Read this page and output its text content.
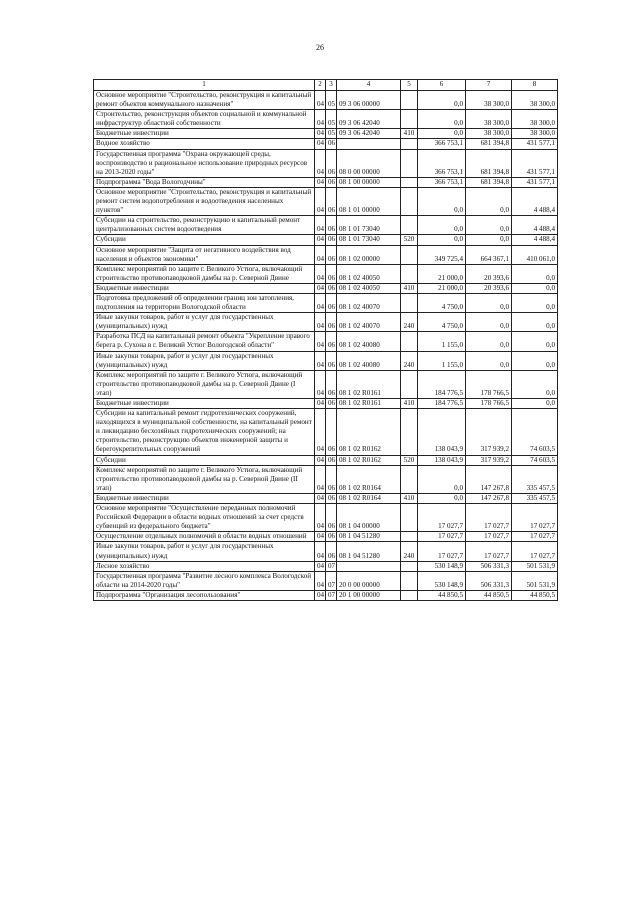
26
1	2	3	4	5	6	7	8
Основное мероприятие "Строительство, реконструкция и капитальный ремонт объектов коммунального назначения"	04	05	09 3 06 00000		0,0	38 300,0	38 300,0
Строительство, реконструкция объектов социальной и коммунальной инфраструктур областной собственности	04	05	09 3 06 42040		0,0	38 300,0	38 300,0
Бюджетные инвестиции	04	05	09 3 06 42040	410	0,0	38 300,0	38 300,0
Водное хозяйство	04	06			366 753,1	681 394,8	431 577,1
Государственная программа "Охрана окружающей среды, воспроизводство и рациональное использование природных ресурсов на 2013-2020 годы"	04	06	08 0 00 00000		366 753,1	681 394,8	431 577,1
Подпрограмма "Вода Вологодчины"	04	06	08 1 00 00000		366 753,1	681 394,8	431 577,1
Основное мероприятие "Строительство, реконструкция и капитальный ремонт систем водопотребления и водоотведения населенных пунктов"	04	06	08 1 01 00000		0,0	0,0	4 488,4
Субсидии на строительство, реконструкцию и капитальный ремонт централизованных систем водоотведения	04	06	08 1 01 73040		0,0	0,0	4 488,4
Субсидии	04	06	08 1 01 73040	520	0,0	0,0	4 488,4
Основное мероприятие "Защита от негативного воздействия вод населения и объектов экономики"	04	06	08 1 02 00000		349 725,4	664 367,1	410 061,0
Комплекс мероприятий по защите г. Великого Устюга, включающий строительство противопаводковой дамбы на р. Северной Двине	04	06	08 1 02 40050		21 000,0	20 393,6	0,0
Бюджетные инвестиции	04	06	08 1 02 40050	410	21 000,0	20 393,6	0,0
Подготовка предложений об определении границ зон затопления, подтопления на территории Вологодской области	04	06	08 1 02 40070		4 750,0	0,0	0,0
Иные закупки товаров, работ и услуг для государственных (муниципальных) нужд	04	06	08 1 02 40070	240	4 750,0	0,0	0,0
Разработка ПСД на капитальный ремонт объекта "Укрепление правого берега р. Сухона в г. Великий Устюг Вологодской области"	04	06	08 1 02 40080		1 155,0	0,0	0,0
Иные закупки товаров, работ и услуг для государственных (муниципальных) нужд	04	06	08 1 02 40080	240	1 155,0	0,0	0,0
Комплекс мероприятий по защите г. Великого Устюга, включающий строительство противопаводковой дамбы на р. Северной Двине (I этап)	04	06	08 1 02 R0161		184 776,5	178 766,5	0,0
Бюджетные инвестиции	04	06	08 1 02 R0161	410	184 776,5	178 766,5	0,0
Субсидии на капитальный ремонт гидротехнических сооружений, находящихся в муниципальной собственности, на капитальный ремонт и ликвидацию бесхозяйных гидротехнических сооружений; на строительство, реконструкцию объектов инженерной защиты и берегоукрепительных сооружений	04	06	08 1 02 R0162		138 043,9	317 939,2	74 603,5
Субсидии	04	06	08 1 02 R0162	520	138 043,9	317 939,2	74 603,5
Комплекс мероприятий по защите г. Великого Устюга, включающий строительство противопаводковой дамбы на р. Северной Двине (II этап)	04	06	08 1 02 R0164		0,0	147 267,8	335 457,5
Бюджетные инвестиции	04	06	08 1 02 R0164	410	0,0	147 267,8	335 457,5
Основное мероприятие "Осуществление переданных полномочий Российской Федерации в области водных отношений за счет средств субвенций из федерального бюджета"	04	06	08 1 04 00000		17 027,7	17 027,7	17 027,7
Осуществление отдельных полномочий в области водных отношений	04	06	08 1 04 51280		17 027,7	17 027,7	17 027,7
Иные закупки товаров, работ и услуг для государственных (муниципальных) нужд	04	06	08 1 04 51280	240	17 027,7	17 027,7	17 027,7
Лесное хозяйство	04	07			530 148,9	506 331,3	501 531,9
Государственная программа "Развитие лесного комплекса Вологодской области на 2014-2020 годы"	04	07	20 0 00 00000		530 148,9	506 331,3	501 531,9
Подпрограмма "Организация лесопользования"	04	07	20 1 00 00000		44 850,5	44 850,5	44 850,5
